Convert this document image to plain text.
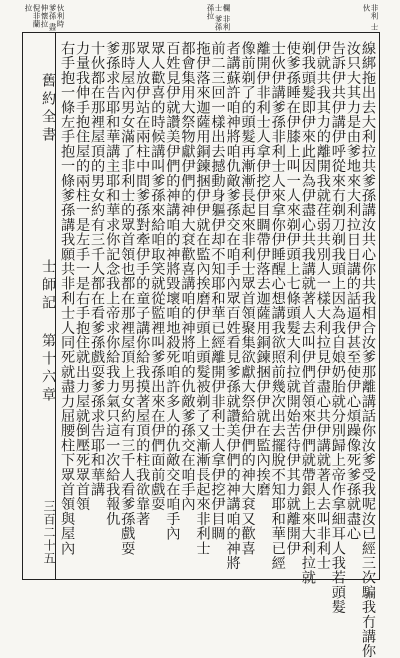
伙利時爹孫 盡伸懷拉 倪非蘭拉	欄 非利士 爹孫 孫拉	非利 士伙
舊約全書
士師記
第十六章
三百二十五	線綁拖出去大利拉共爹孫講汝共心你共我相合汝爹那離講話你汝爹受我呢汝已經三次騙我冇講你
汝只大其力是由爹地來大利拉日日講的話逼伊甚至使伊心煩躁像死爹孫就盡心
告訴伊共伊講伊呼從來冇剃刀剃我頭上因為我自娘奶胎就分別歸上帝作拿細耳人我若頭髮
伊就共我其力的離開我就荏弱共別人一樣大利拉見伊盡心共伊講就著人去叫非利士
剃我頭髮即伊來此因為伊盡心共我講就著人去叫伊們首領來伊們就帶銀上來大利拉就
使爹孫睡在伊膝上叫一人來剃伊頭上七條頭髮大利拉就開始苦待伊其力就離開伊
士伙伊講爹孫非利士人來拿你伊睡醒心想講我欲照前幾次出去擺脫不知耶和華已經
離開伊非利士人拿伊挖伊目睭帶伊落去迦薩用銅鍊捆伊伊就在監內挨磨
像前剃了的頭髮再漸漸長起來非利士眾首領聚集欲獻大祭給伊們的神大袞又歡喜
者講蘇許咱神將咱仇敵爹孫交在咱手內眾百姓看見爹孫就讚美伊們的神講咱的神將
前二三回一樣出去撼動身軀伊却不知耶和華已經離開伊非利士人拿伊挖伊目睭
拖伊落來迦薩用銅鍊捆伊伊就在監內挨磨伊頭上頭髮被剃了又漸漸長起來非利士
都會集用大祭物獻伊們的神大袞歡喜講咱的神將咱的仇敵爹孫交在咱手內
百姓見伊就讚美伊們的神講咱的神將毀壞咱地殺死咱許多人的仇敵交在咱手內
眾人歡喜的時候講叫爹孫來給咱取笑就從監裡叫爹孫出來在伊們面前戲耍
眾人放伊站在兩柱中間爹孫對牽伊手的童子講你給我摸著屋頂的柱我欲靠著
那時屋內男女滿了非利士的眾首領也都在那裡屋頂上男女約有三千人看爹孫戲耍
爹孫求告耶和華講主耶和華求你記念我上帝求你給我力氣只這一次給我報仇
十伙都在那裡屋頂的男女約有三千人都在看爹孫戲耍爹孫求告耶和華講
力量我伸手抱住屋的兩柱一是左手一是右手抱住就出力屋就倒壓死眾首領
右手抱一條左手抱一條爹孫講我願共非利士人同死就盡力屈腰柱下眾首領與屋內
